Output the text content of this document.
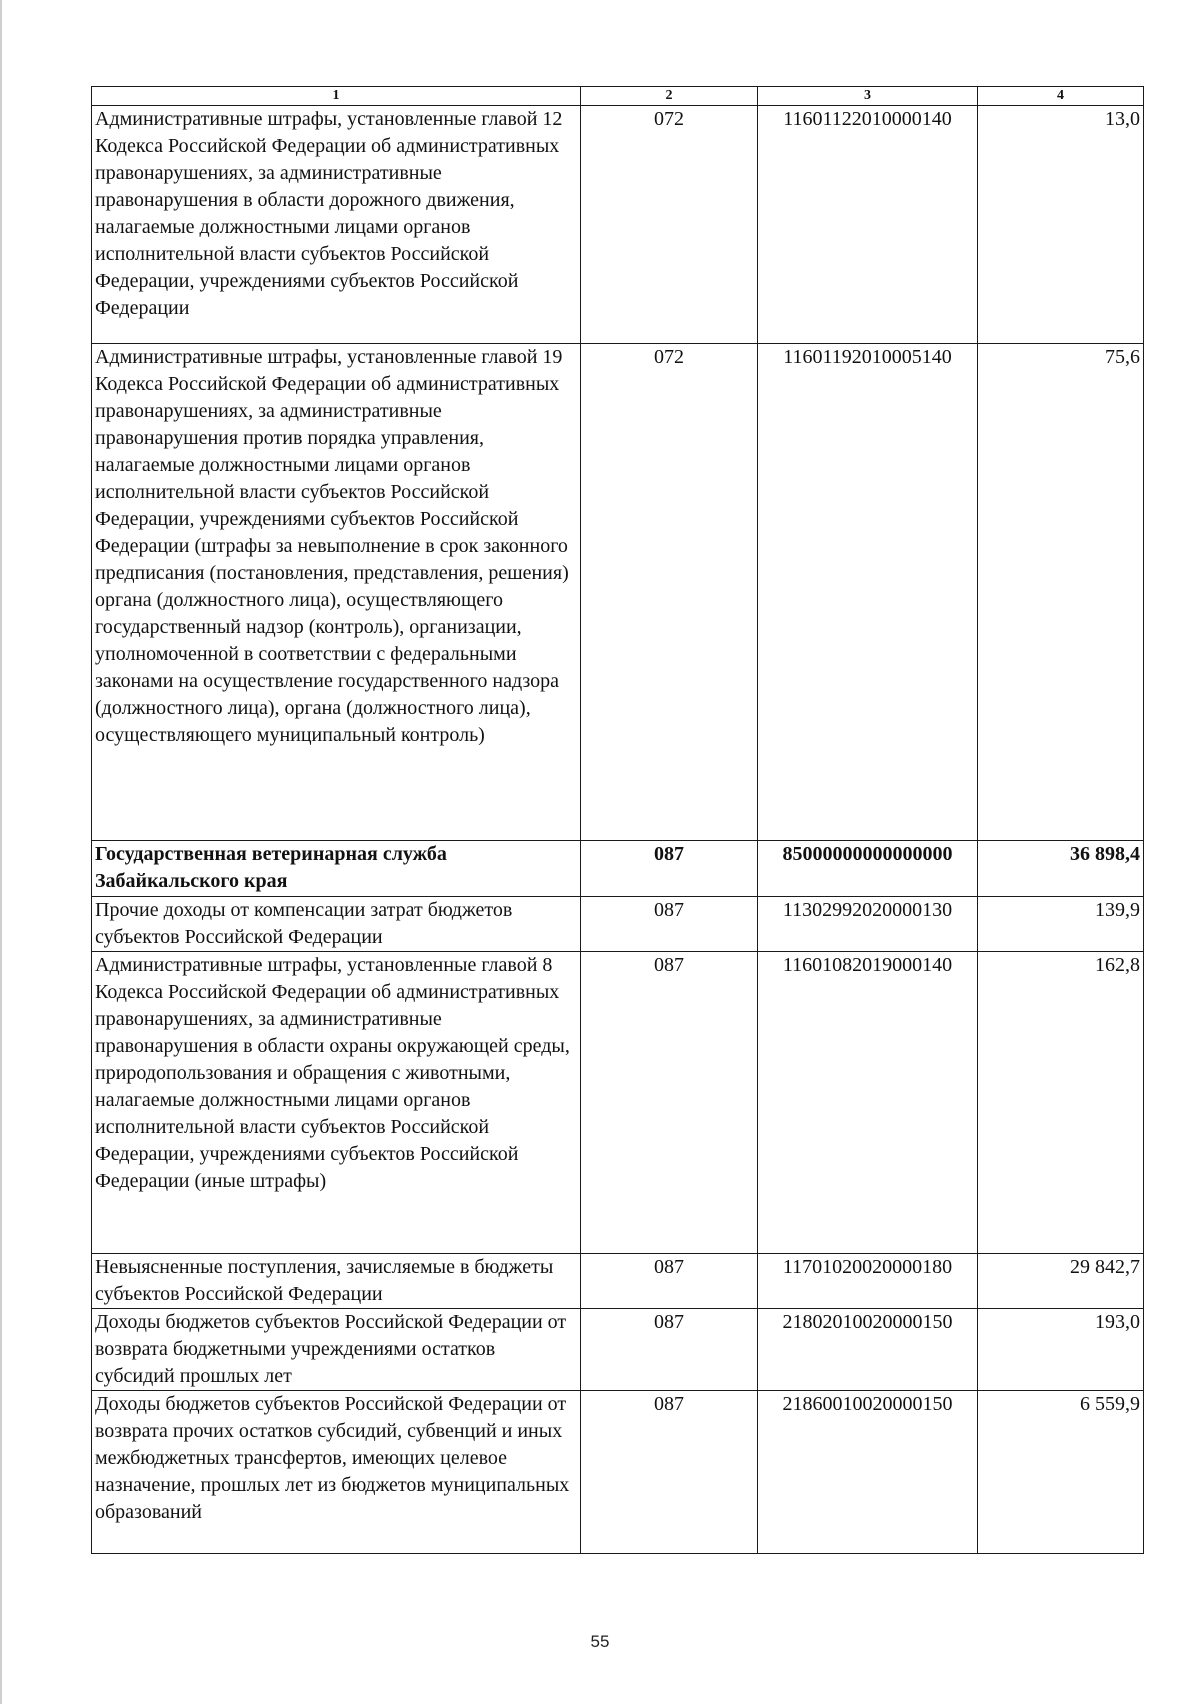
1	2	3	4
Административные штрафы, установленные главой 12 Кодекса Российской Федерации об административных правонарушениях, за административные правонарушения в области дорожного движения, налагаемые должностными лицами органов исполнительной власти субъектов Российской Федерации, учреждениями субъектов Российской Федерации	072	11601122010000140	13,0
Административные штрафы, установленные главой 19 Кодекса Российской Федерации об административных правонарушениях, за административные правонарушения против порядка управления, налагаемые должностными лицами органов исполнительной власти субъектов Российской Федерации, учреждениями субъектов Российской Федерации (штрафы за невыполнение в срок законного предписания (постановления, представления, решения) органа (должностного лица), осуществляющего государственный надзор (контроль), организации, уполномоченной в соответствии с федеральными законами на осуществление государственного надзора (должностного лица), органа (должностного лица), осуществляющего муниципальный контроль)	072	11601192010005140	75,6
Государственная ветеринарная служба Забайкальского края	087	85000000000000000	36 898,4
Прочие доходы от компенсации затрат бюджетов субъектов Российской Федерации	087	11302992020000130	139,9
Административные штрафы, установленные главой 8 Кодекса Российской Федерации об административных правонарушениях, за административные правонарушения в области охраны окружающей среды, природопользования и обращения с животными, налагаемые должностными лицами органов исполнительной власти субъектов Российской Федерации, учреждениями субъектов Российской Федерации (иные штрафы)	087	11601082019000140	162,8
Невыясненные поступления, зачисляемые в бюджеты субъектов Российской Федерации	087	11701020020000180	29 842,7
Доходы бюджетов субъектов Российской Федерации от возврата бюджетными учреждениями остатков субсидий прошлых лет	087	21802010020000150	193,0
Доходы бюджетов субъектов Российской Федерации от возврата прочих остатков субсидий, субвенций и иных межбюджетных трансфертов, имеющих целевое назначение, прошлых лет из бюджетов муниципальных образований	087	21860010020000150	6 559,9
55
